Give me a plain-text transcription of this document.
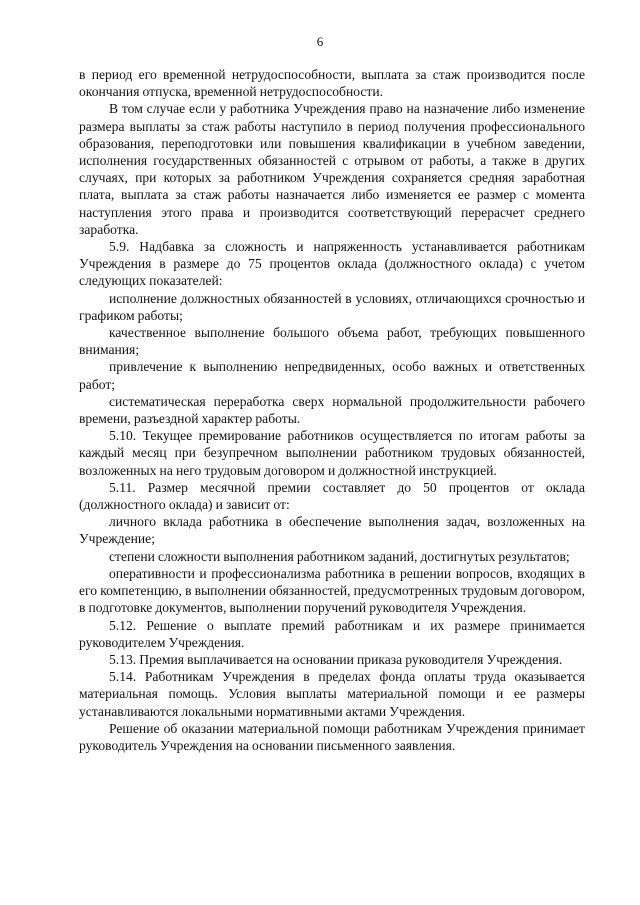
6

в период его временной нетрудоспособности, выплата за стаж производится после окончания отпуска, временной нетрудоспособности.

В том случае если у работника Учреждения право на назначение либо изменение размера выплаты за стаж работы наступило в период получения профессионального образования, переподготовки или повышения квалификации в учебном заведении, исполнения государственных обязанностей с отрывом от работы, а также в других случаях, при которых за работником Учреждения сохраняется средняя заработная плата, выплата за стаж работы назначается либо изменяется ее размер с момента наступления этого права и производится соответствующий перерасчет среднего заработка.

5.9. Надбавка за сложность и напряженность устанавливается работникам Учреждения в размере до 75 процентов оклада (должностного оклада) с учетом следующих показателей:

исполнение должностных обязанностей в условиях, отличающихся срочностью и графиком работы;

качественное выполнение большого объема работ, требующих повышенного внимания;

привлечение к выполнению непредвиденных, особо важных и ответственных работ;

систематическая переработка сверх нормальной продолжительности рабочего времени, разъездной характер работы.

5.10. Текущее премирование работников осуществляется по итогам работы за каждый месяц при безупречном выполнении работником трудовых обязанностей, возложенных на него трудовым договором и должностной инструкцией.

5.11. Размер месячной премии составляет до 50 процентов от оклада (должностного оклада) и зависит от:

личного вклада работника в обеспечение выполнения задач, возложенных на Учреждение;

степени сложности выполнения работником заданий, достигнутых результатов;

оперативности и профессионализма работника в решении вопросов, входящих в его компетенцию, в выполнении обязанностей, предусмотренных трудовым договором, в подготовке документов, выполнении поручений руководителя Учреждения.

5.12. Решение о выплате премий работникам и их размере принимается руководителем Учреждения.

5.13. Премия выплачивается на основании приказа руководителя Учреждения.

5.14. Работникам Учреждения в пределах фонда оплаты труда оказывается материальная помощь. Условия выплаты материальной помощи и ее размеры устанавливаются локальными нормативными актами Учреждения.

Решение об оказании материальной помощи работникам Учреждения принимает руководитель Учреждения на основании письменного заявления.
